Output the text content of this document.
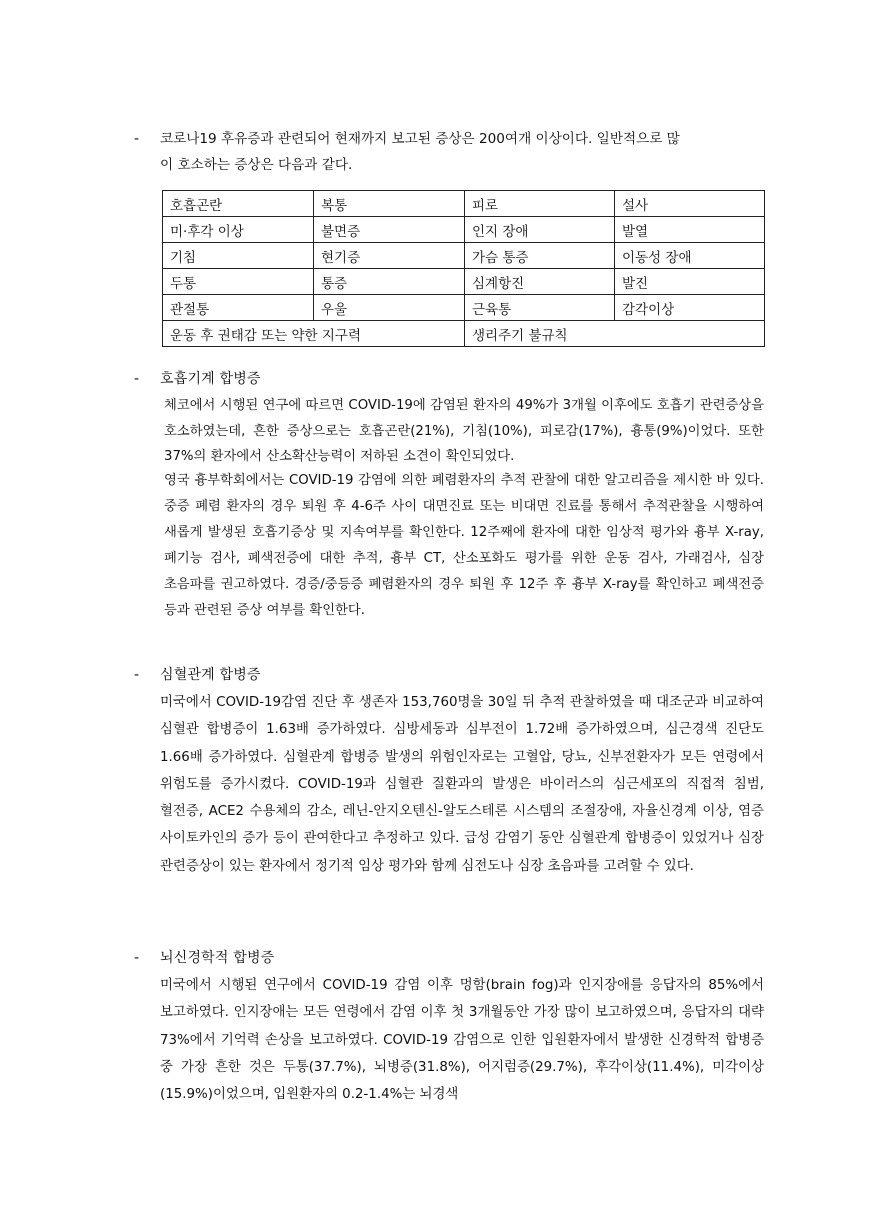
- 코로나19 후유증과 관련되어 현재까지 보고된 증상은 200여개 이상이다. 일반적으로 많
이 호소하는 증상은 다음과 같다.
호흡곤란	복통	피로	설사
미·후각 이상	불면증	인지 장애	발열
기침	현기증	가슴 통증	이동성 장애
두통	통증	심계항진	발진
관절통	우울	근육통	감각이상
운동 후 권태감 또는 약한 지구력		생리주기 불규칙	
- 호흡기계 합병증
체코에서 시행된 연구에 따르면 COVID-19에 감염된 환자의 49%가 3개월 이후에도 호흡기 관련증상을 호소하였는데, 흔한 증상으로는 호흡곤란(21%), 기침(10%), 피로감(17%), 흉통(9%)이었다. 또한 37%의 환자에서 산소확산능력이 저하된 소견이 확인되었다.
영국 흉부학회에서는 COVID-19 감염에 의한 폐렴환자의 추적 관찰에 대한 알고리즘을 제시한 바 있다. 중증 폐렴 환자의 경우 퇴원 후 4-6주 사이 대면진료 또는 비대면 진료를 통해서 추적관찰을 시행하여 새롭게 발생된 호흡기증상 및 지속여부를 확인한다. 12주째에 환자에 대한 임상적 평가와 흉부 X-ray, 폐기능 검사, 폐색전증에 대한 추적, 흉부 CT, 산소포화도 평가를 위한 운동 검사, 가래검사, 심장 초음파를 권고하였다. 경증/중등증 폐렴환자의 경우 퇴원 후 12주 후 흉부 X-ray를 확인하고 폐색전증 등과 관련된 증상 여부를 확인한다.
- 심혈관계 합병증
미국에서 COVID-19감염 진단 후 생존자 153,760명을 30일 뒤 추적 관찰하였을 때 대조군과 비교하여 심혈관 합병증이 1.63배 증가하였다. 심방세동과 심부전이 1.72배 증가하였으며, 심근경색 진단도 1.66배 증가하였다. 심혈관계 합병증 발생의 위험인자로는 고혈압, 당뇨, 신부전환자가 모든 연령에서 위험도를 증가시켰다. COVID-19과 심혈관 질환과의 발생은 바이러스의 심근세포의 직접적 침범, 혈전증, ACE2 수용체의 감소, 레닌-안지오텐신-알도스테론 시스템의 조절장애, 자율신경계 이상, 염증 사이토카인의 증가 등이 관여한다고 추정하고 있다. 급성 감염기 동안 심혈관계 합병증이 있었거나 심장 관련증상이 있는 환자에서 정기적 임상 평가와 함께 심전도나 심장 초음파를 고려할 수 있다.
- 뇌신경학적 합병증
미국에서 시행된 연구에서 COVID-19 감염 이후 멍함(brain fog)과 인지장애를 응답자의 85%에서 보고하였다. 인지장애는 모든 연령에서 감염 이후 첫 3개월동안 가장 많이 보고하였으며, 응답자의 대략 73%에서 기억력 손상을 보고하였다. COVID-19 감염으로 인한 입원환자에서 발생한 신경학적 합병증 중 가장 흔한 것은 두통(37.7%), 뇌병증(31.8%), 어지럼증(29.7%), 후각이상(11.4%), 미각이상(15.9%)이었으며, 입원환자의 0.2-1.4%는 뇌경색
